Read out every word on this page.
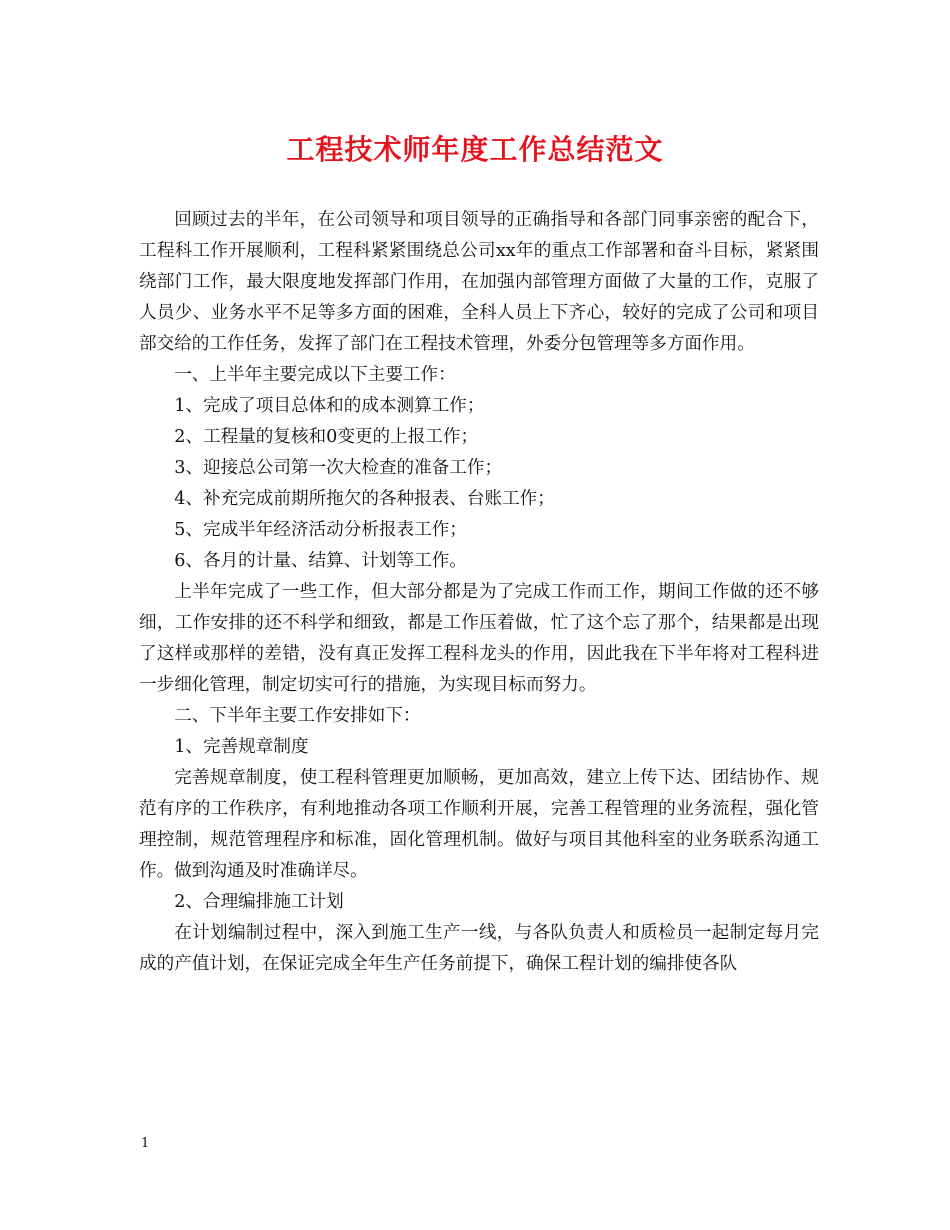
工程技术师年度工作总结范文

回顾过去的半年，在公司领导和项目领导的正确指导和各部门同事亲密的配合下，工程科工作开展顺利，工程科紧紧围绕总公司xx年的重点工作部署和奋斗目标，紧紧围绕部门工作，最大限度地发挥部门作用，在加强内部管理方面做了大量的工作，克服了人员少、业务水平不足等多方面的困难，全科人员上下齐心，较好的完成了公司和项目部交给的工作任务，发挥了部门在工程技术管理，外委分包管理等多方面作用。

一、上半年主要完成以下主要工作：

1、完成了项目总体和的成本测算工作；

2、工程量的复核和0变更的上报工作；

3、迎接总公司第一次大检查的准备工作；

4、补充完成前期所拖欠的各种报表、台账工作；

5、完成半年经济活动分析报表工作；

6、各月的计量、结算、计划等工作。

上半年完成了一些工作，但大部分都是为了完成工作而工作，期间工作做的还不够细，工作安排的还不科学和细致，都是工作压着做，忙了这个忘了那个，结果都是出现了这样或那样的差错，没有真正发挥工程科龙头的作用，因此我在下半年将对工程科进一步细化管理，制定切实可行的措施，为实现目标而努力。

二、下半年主要工作安排如下：

1、完善规章制度

完善规章制度，使工程科管理更加顺畅，更加高效，建立上传下达、团结协作、规范有序的工作秩序，有利地推动各项工作顺利开展，完善工程管理的业务流程，强化管理控制，规范管理程序和标准，固化管理机制。做好与项目其他科室的业务联系沟通工作。做到沟通及时准确详尽。

2、合理编排施工计划

在计划编制过程中，深入到施工生产一线，与各队负责人和质检员一起制定每月完成的产值计划，在保证完成全年生产任务前提下，确保工程计划的编排使各队

1
